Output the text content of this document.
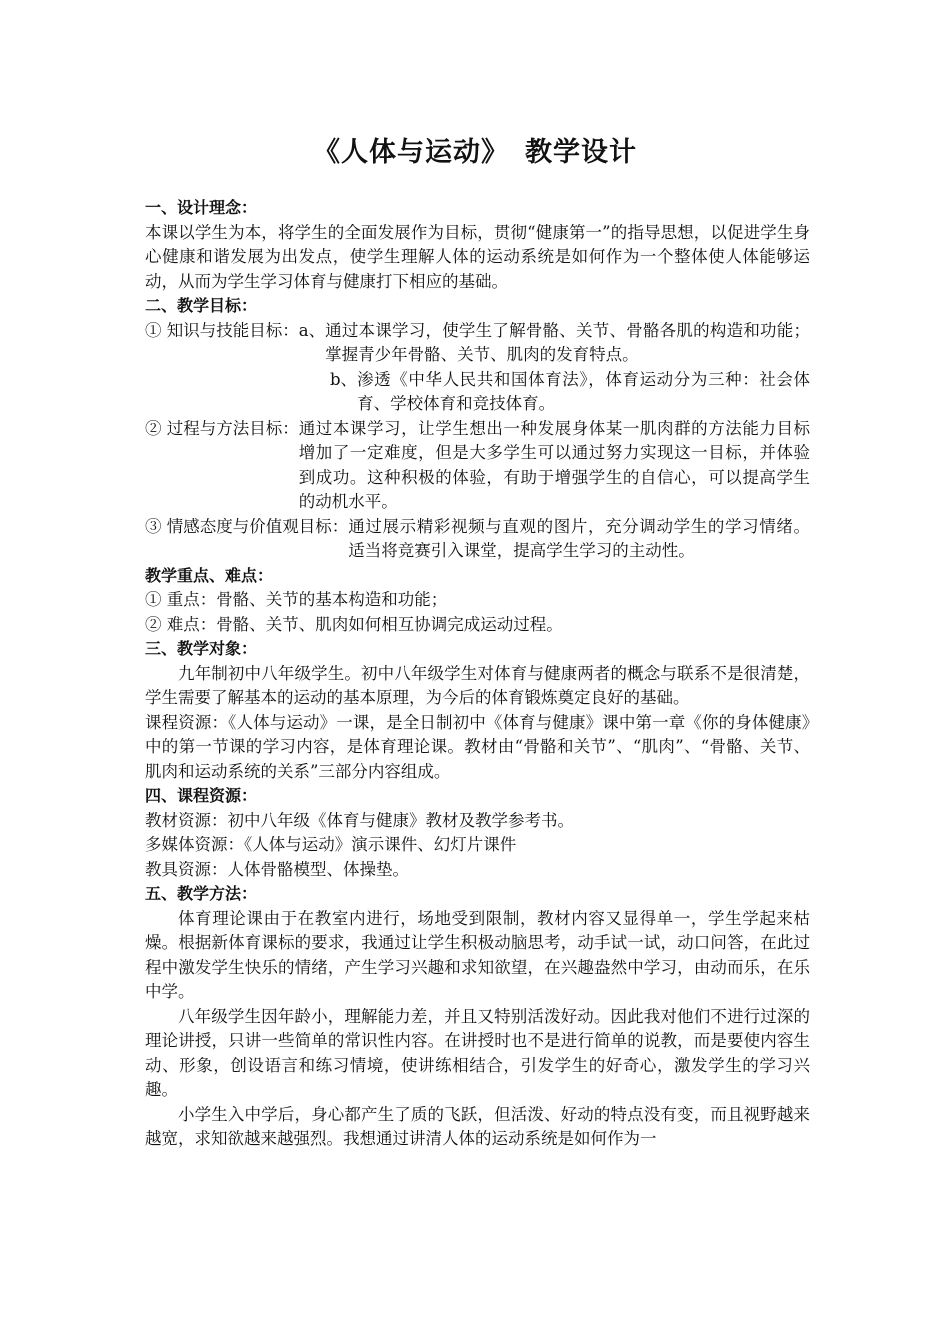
《人体与运动》 教学设计
一、设计理念：
本课以学生为本，将学生的全面发展作为目标，贯彻“健康第一”的指导思想，以促进学生身心健康和谐发展为出发点，使学生理解人体的运动系统是如何作为一个整体使人体能够运动，从而为学生学习体育与健康打下相应的基础。
二、教学目标：
① 知识与技能目标： a、 通过本课学习，使学生了解骨骼、关节、骨骼各肌的构造和功能；掌握青少年骨骼、关节、肌肉的发育特点。
b、 渗透《中华人民共和国体育法》，体育运动分为三种：社会体育、学校体育和竞技体育。
② 过程与方法目标： 通过本课学习，让学生想出一种发展身体某一肌肉群的方法能力目标增加了一定难度，但是大多学生可以通过努力实现这一目标，并体验到成功。这种积极的体验，有助于增强学生的自信心，可以提高学生的动机水平。
③ 情感态度与价值观目标： 通过展示精彩视频与直观的图片，充分调动学生的学习情绪。适当将竞赛引入课堂，提高学生学习的主动性。
教学重点、难点：
① 重点：骨骼、关节的基本构造和功能；
② 难点：骨骼、关节、肌肉如何相互协调完成运动过程。
三、教学对象：
九年制初中八年级学生。初中八年级学生对体育与健康两者的概念与联系不是很清楚，学生需要了解基本的运动的基本原理，为今后的体育锻炼奠定良好的基础。
课程资源：《人体与运动》一课，是全日制初中《体育与健康》课中第一章《你的身体健康》中的第一节课的学习内容，是体育理论课。教材由“骨骼和关节”、“肌肉”、“骨骼、关节、肌肉和运动系统的关系”三部分内容组成。
四、课程资源：
教材资源：初中八年级《体育与健康》教材及教学参考书。
多媒体资源：《人体与运动》演示课件、幻灯片课件
教具资源：人体骨骼模型、体操垫。
五、教学方法：
体育理论课由于在教室内进行，场地受到限制，教材内容又显得单一，学生学起来枯燥。根据新体育课标的要求，我通过让学生积极动脑思考，动手试一试，动口问答，在此过程中激发学生快乐的情绪，产生学习兴趣和求知欲望，在兴趣盎然中学习，由动而乐，在乐中学。
八年级学生因年龄小，理解能力差，并且又特别活泼好动。因此我对他们不进行过深的理论讲授，只讲一些简单的常识性内容。在讲授时也不是进行简单的说教，而是要使内容生动、形象，创设语言和练习情境，使讲练相结合，引发学生的好奇心，激发学生的学习兴趣。
小学生入中学后，身心都产生了质的飞跃，但活泼、好动的特点没有变，而且视野越来越宽，求知欲越来越强烈。我想通过讲清人体的运动系统是如何作为一
